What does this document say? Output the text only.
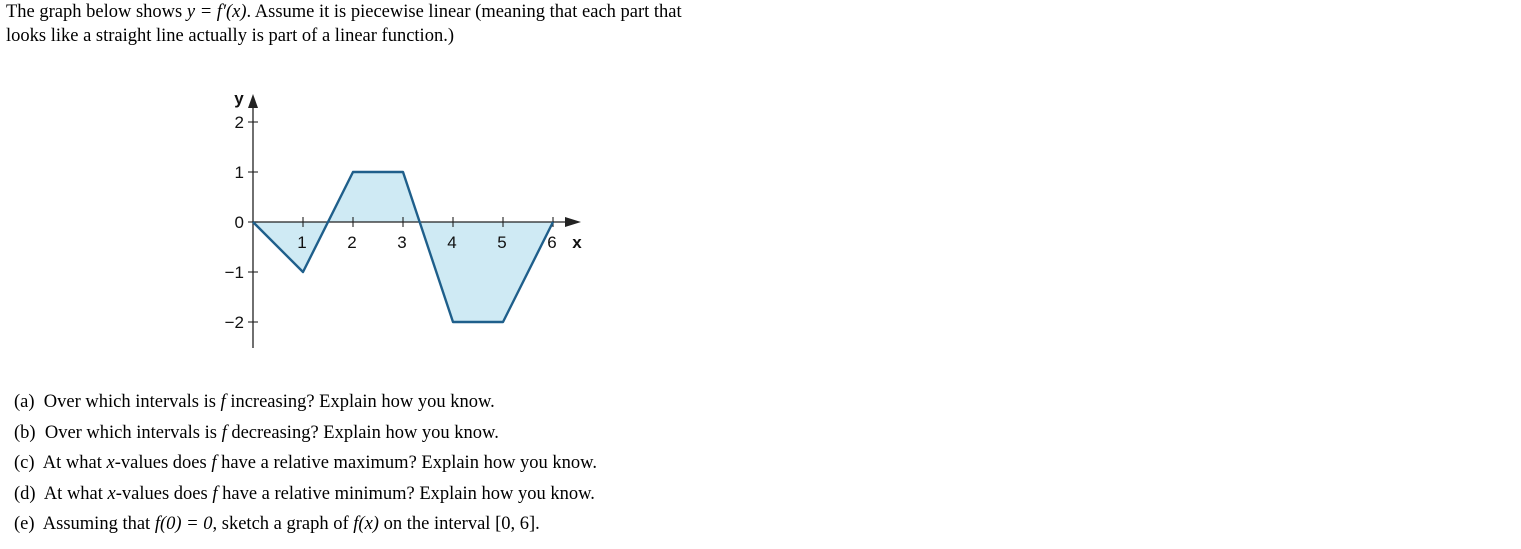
The graph below shows y = f′(x). Assume it is piecewise linear (meaning that each part that
looks like a straight line actually is part of a linear function.)
1 2 3 4 5 6
2
1
0
−1
−2
x
y
(a) Over which intervals is f increasing? Explain how you know.
(b) Over which intervals is f decreasing? Explain how you know.
(c) At what x-values does f have a relative maximum? Explain how you know.
(d) At what x-values does f have a relative minimum? Explain how you know.
(e) Assuming that f(0) = 0, sketch a graph of f(x) on the interval [0, 6].
